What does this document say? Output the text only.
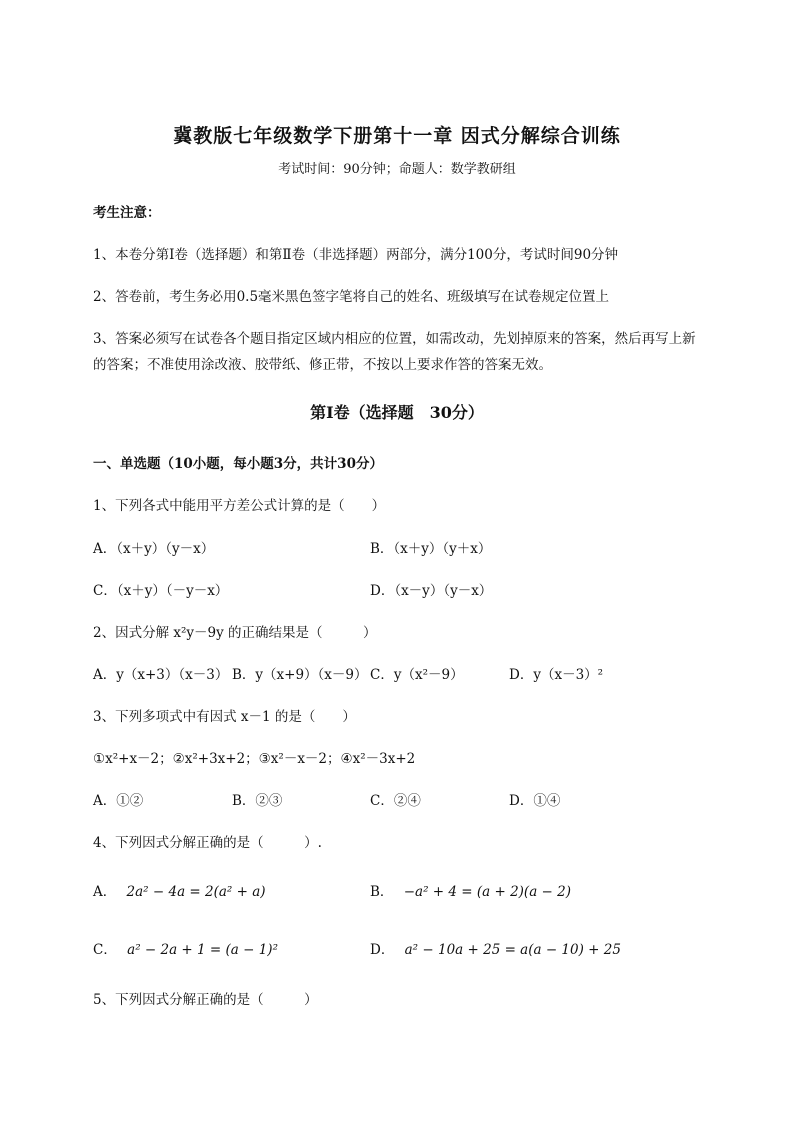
冀教版七年级数学下册第十一章 因式分解综合训练
考试时间：90分钟；命题人：数学教研组
考生注意：
1、本卷分第I卷（选择题）和第Ⅱ卷（非选择题）两部分，满分100分，考试时间90分钟
2、答卷前，考生务必用0.5毫米黑色签字笔将自己的姓名、班级填写在试卷规定位置上
3、答案必须写在试卷各个题目指定区域内相应的位置，如需改动，先划掉原来的答案，然后再写上新
的答案；不准使用涂改液、胶带纸、修正带，不按以上要求作答的答案无效。
第I卷（选择题　30分）
一、单选题（10小题，每小题3分，共计30分）
1、下列各式中能用平方差公式计算的是（　　）
A．（x＋y）（y－x）	B．（x＋y）（y＋x）
C．（x＋y）（－y－x）	D．（x－y）（y－x）
2、因式分解 x²y－9y 的正确结果是（　　　）
A．y（x+3）（x－3） B．y（x+9）（x－9） C．y（x²－9）	D．y（x－3）²
3、下列多项式中有因式 x－1 的是（　　）
①x²+x－2；②x²+3x+2；③x²－x－2；④x²－3x+2
A．①②	B．②③	C．②④	D．①④
4、下列因式分解正确的是（　　　）.
A． 2a² − 4a = 2(a² + a)	B． −a² + 4 = (a + 2)(a − 2)
C． a² − 2a + 1 = (a − 1)²	D． a² − 10a + 25 = a(a − 10) + 25
5、下列因式分解正确的是（　　　）
